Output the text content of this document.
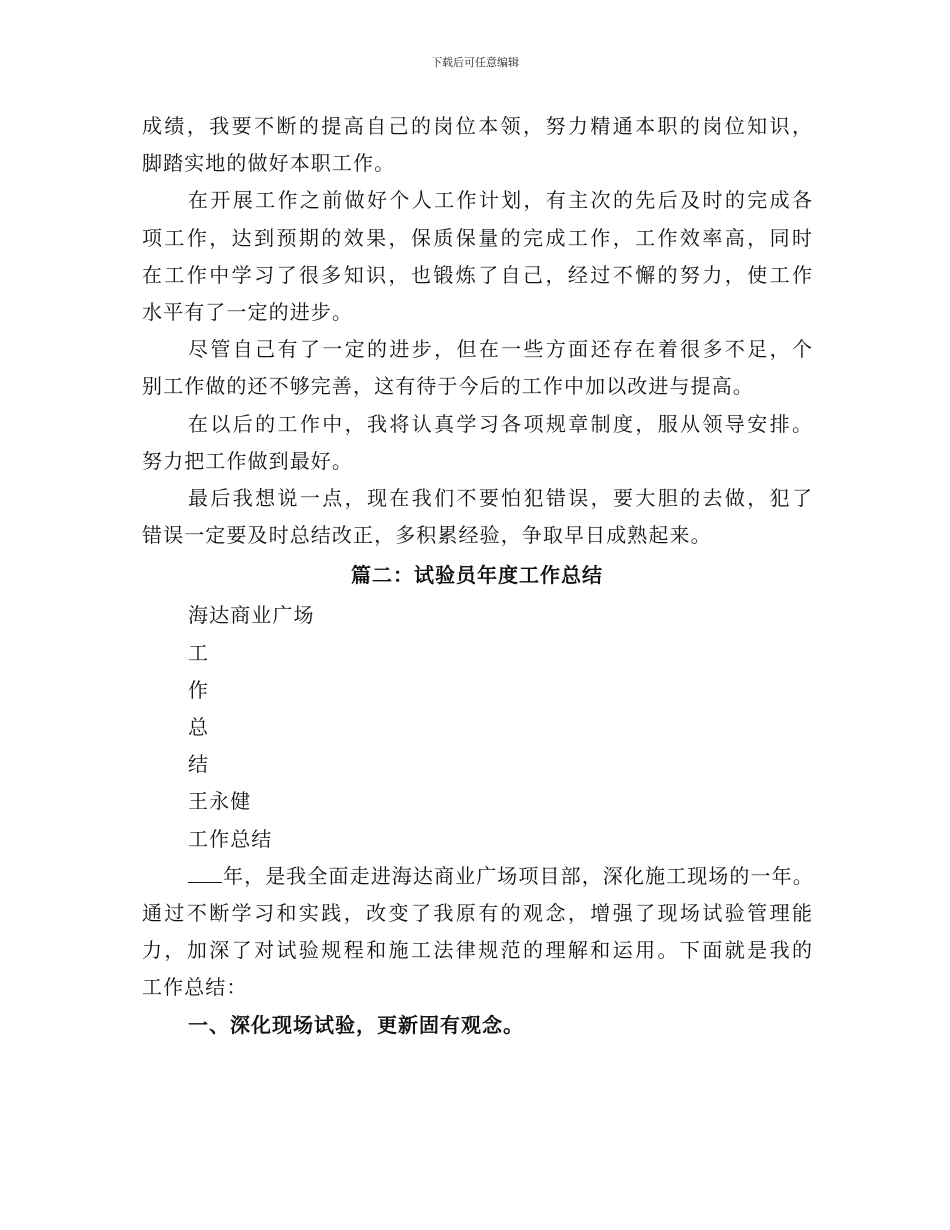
下载后可任意编辑
成绩，我要不断的提高自己的岗位本领，努力精通本职的岗位知识，
脚踏实地的做好本职工作。
在开展工作之前做好个人工作计划，有主次的先后及时的完成各
项工作，达到预期的效果，保质保量的完成工作，工作效率高，同时
在工作中学习了很多知识，也锻炼了自己，经过不懈的努力，使工作
水平有了一定的进步。
尽管自己有了一定的进步，但在一些方面还存在着很多不足，个
别工作做的还不够完善，这有待于今后的工作中加以改进与提高。
在以后的工作中，我将认真学习各项规章制度，服从领导安排。
努力把工作做到最好。
最后我想说一点，现在我们不要怕犯错误，要大胆的去做，犯了
错误一定要及时总结改正，多积累经验，争取早日成熟起来。
篇二：试验员年度工作总结
海达商业广场
工
作
总
结
王永健
工作总结
年，是我全面走进海达商业广场项目部，深化施工现场的一年。
通过不断学习和实践，改变了我原有的观念，增强了现场试验管理能
力，加深了对试验规程和施工法律规范的理解和运用。下面就是我的
工作总结：
一、深化现场试验，更新固有观念。
